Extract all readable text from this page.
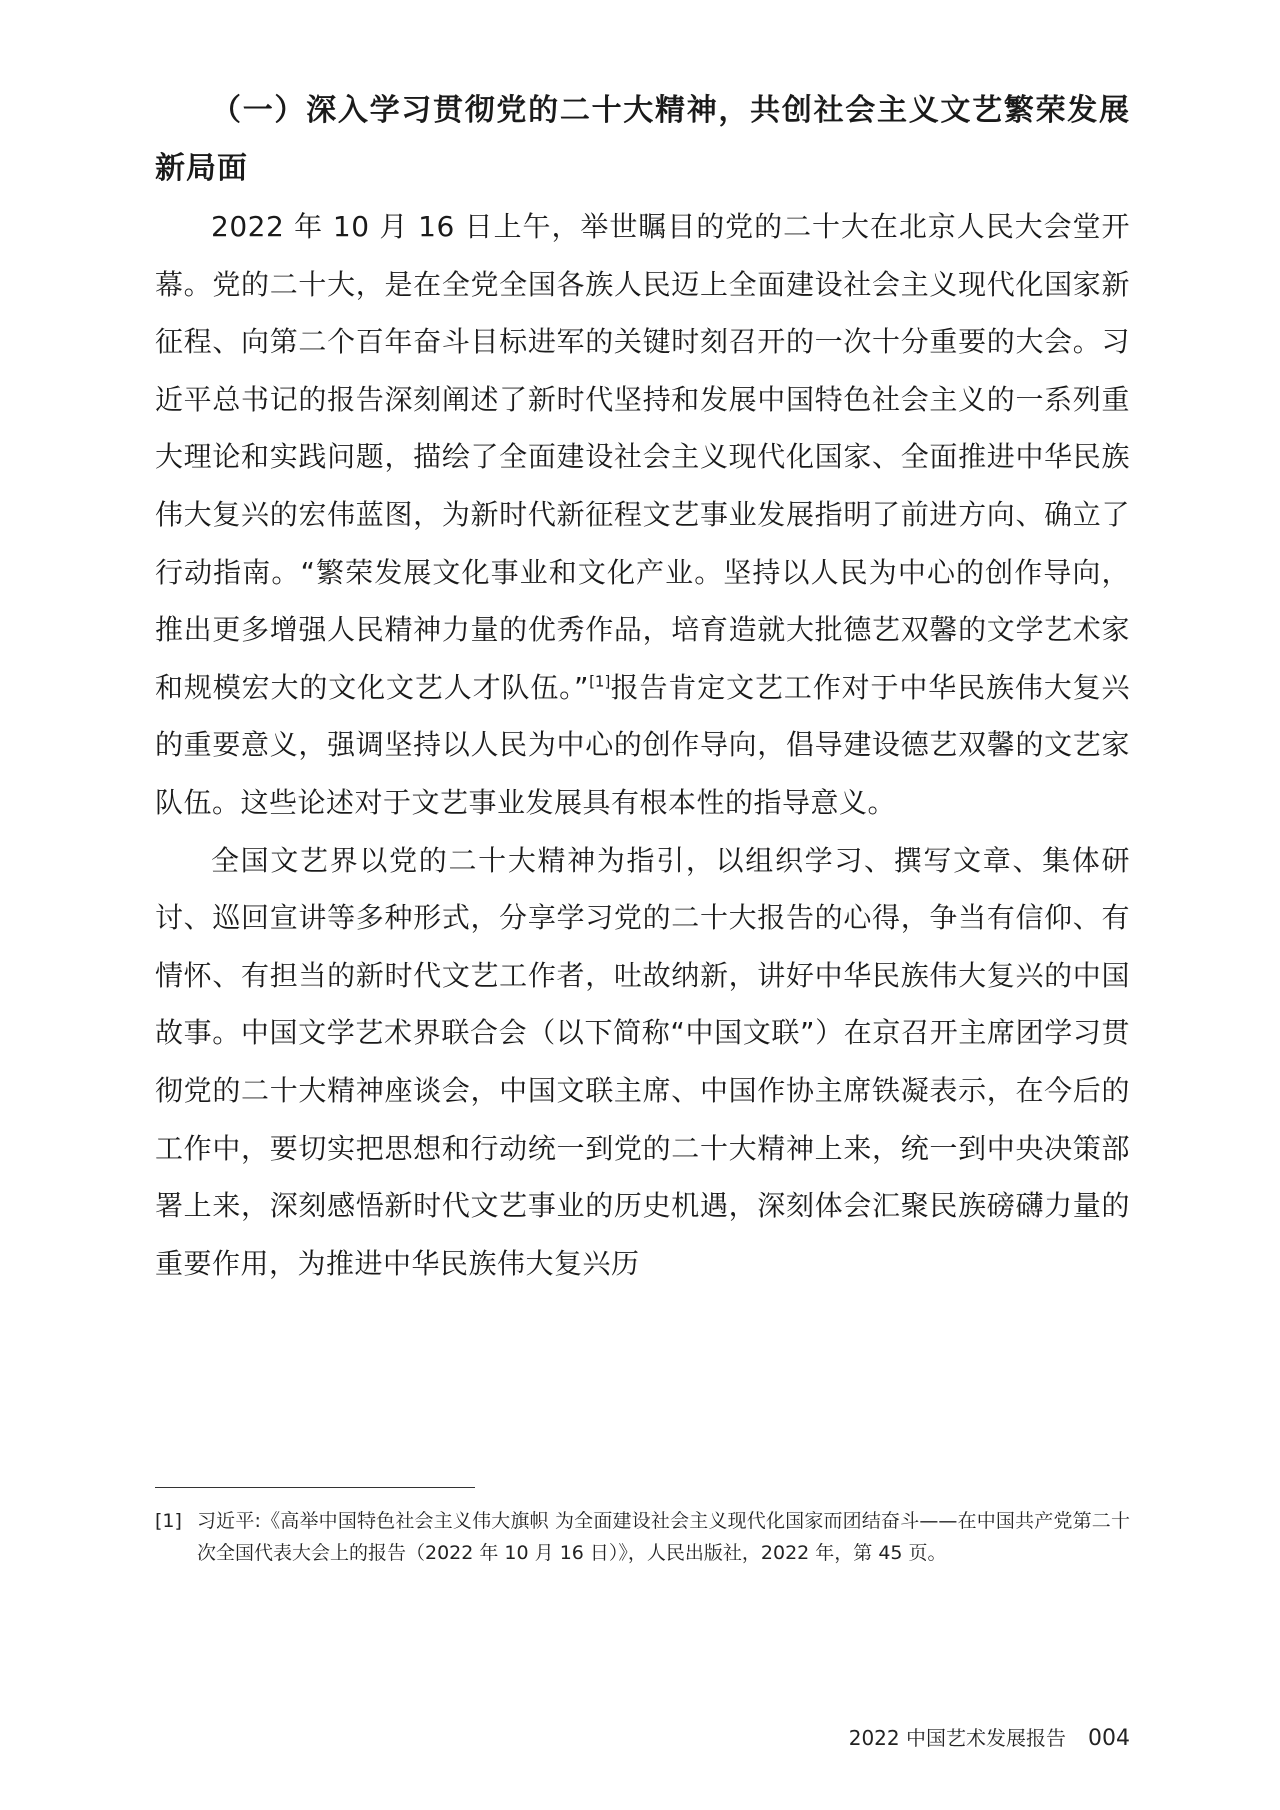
（一）深入学习贯彻党的二十大精神，共创社会主义文艺繁荣发展新局面

2022 年 10 月 16 日上午，举世瞩目的党的二十大在北京人民大会堂开幕。党的二十大，是在全党全国各族人民迈上全面建设社会主义现代化国家新征程、向第二个百年奋斗目标进军的关键时刻召开的一次十分重要的大会。习近平总书记的报告深刻阐述了新时代坚持和发展中国特色社会主义的一系列重大理论和实践问题，描绘了全面建设社会主义现代化国家、全面推进中华民族伟大复兴的宏伟蓝图，为新时代新征程文艺事业发展指明了前进方向、确立了行动指南。“繁荣发展文化事业和文化产业。坚持以人民为中心的创作导向，推出更多增强人民精神力量的优秀作品，培育造就大批德艺双馨的文学艺术家和规模宏大的文化文艺人才队伍。”[1]报告肯定文艺工作对于中华民族伟大复兴的重要意义，强调坚持以人民为中心的创作导向，倡导建设德艺双馨的文艺家队伍。这些论述对于文艺事业发展具有根本性的指导意义。

全国文艺界以党的二十大精神为指引，以组织学习、撰写文章、集体研讨、巡回宣讲等多种形式，分享学习党的二十大报告的心得，争当有信仰、有情怀、有担当的新时代文艺工作者，吐故纳新，讲好中华民族伟大复兴的中国故事。中国文学艺术界联合会（以下简称“中国文联”）在京召开主席团学习贯彻党的二十大精神座谈会，中国文联主席、中国作协主席铁凝表示，在今后的工作中，要切实把思想和行动统一到党的二十大精神上来，统一到中央决策部署上来，深刻感悟新时代文艺事业的历史机遇，深刻体会汇聚民族磅礴力量的重要作用，为推进中华民族伟大复兴历

[1] 习近平:《高举中国特色社会主义伟大旗帜 为全面建设社会主义现代化国家而团结奋斗——在中国共产党第二十次全国代表大会上的报告（2022 年 10 月 16 日）》，人民出版社，2022 年，第 45 页。
2022 中国艺术发展报告 004
